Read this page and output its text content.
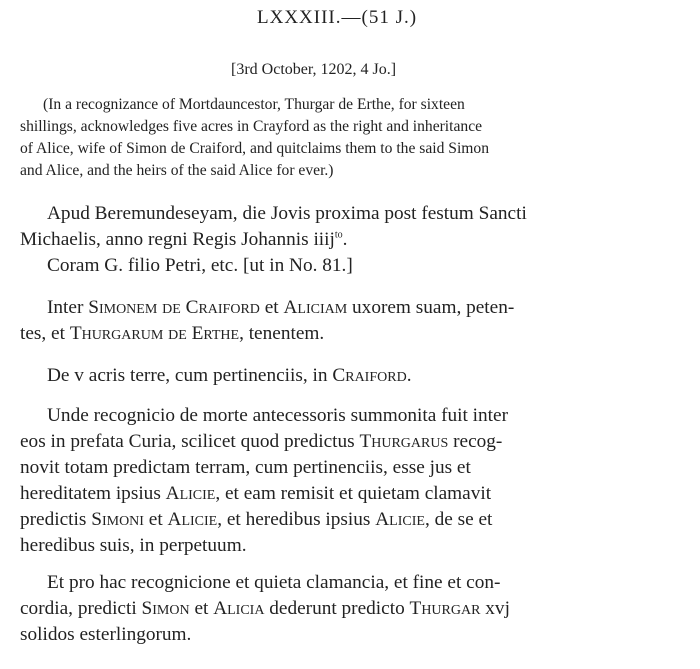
LXXXIII.—(51 J.)
[3rd October, 1202, 4 Jo.]
(In a recognizance of Mortdauncestor, Thurgar de Erthe, for sixteen
shillings, acknowledges five acres in Crayford as the right and inheritance
of Alice, wife of Simon de Craiford, and quitclaims them to the said Simon
and Alice, and the heirs of the said Alice for ever.)
Apud Beremundeseyam, die Jovis proxima post festum Sancti
Michaelis, anno regni Regis Johannis iiij$^{to}$.
Coram G. filio Petri, etc. [ut in No. 81.]
Inter Simonem de Craiford et Aliciam uxorem suam, peten-
tes, et Thurgarum de Erthe, tenentem.
De v acris terre, cum pertinenciis, in Craiford.
Unde recognicio de morte antecessoris summonita fuit inter
eos in prefata Curia, scilicet quod predictus Thurgarus recog-
novit totam predictam terram, cum pertinenciis, esse jus et
hereditatem ipsius Alicie, et eam remisit et quietam clamavit
predictis Simoni et Alicie, et heredibus ipsius Alicie, de se et
heredibus suis, in perpetuum.
Et pro hac recognicione et quieta clamancia, et fine et con-
cordia, predicti Simon et Alicia dederunt predicto Thurgar xvj
solidos esterlingorum.
